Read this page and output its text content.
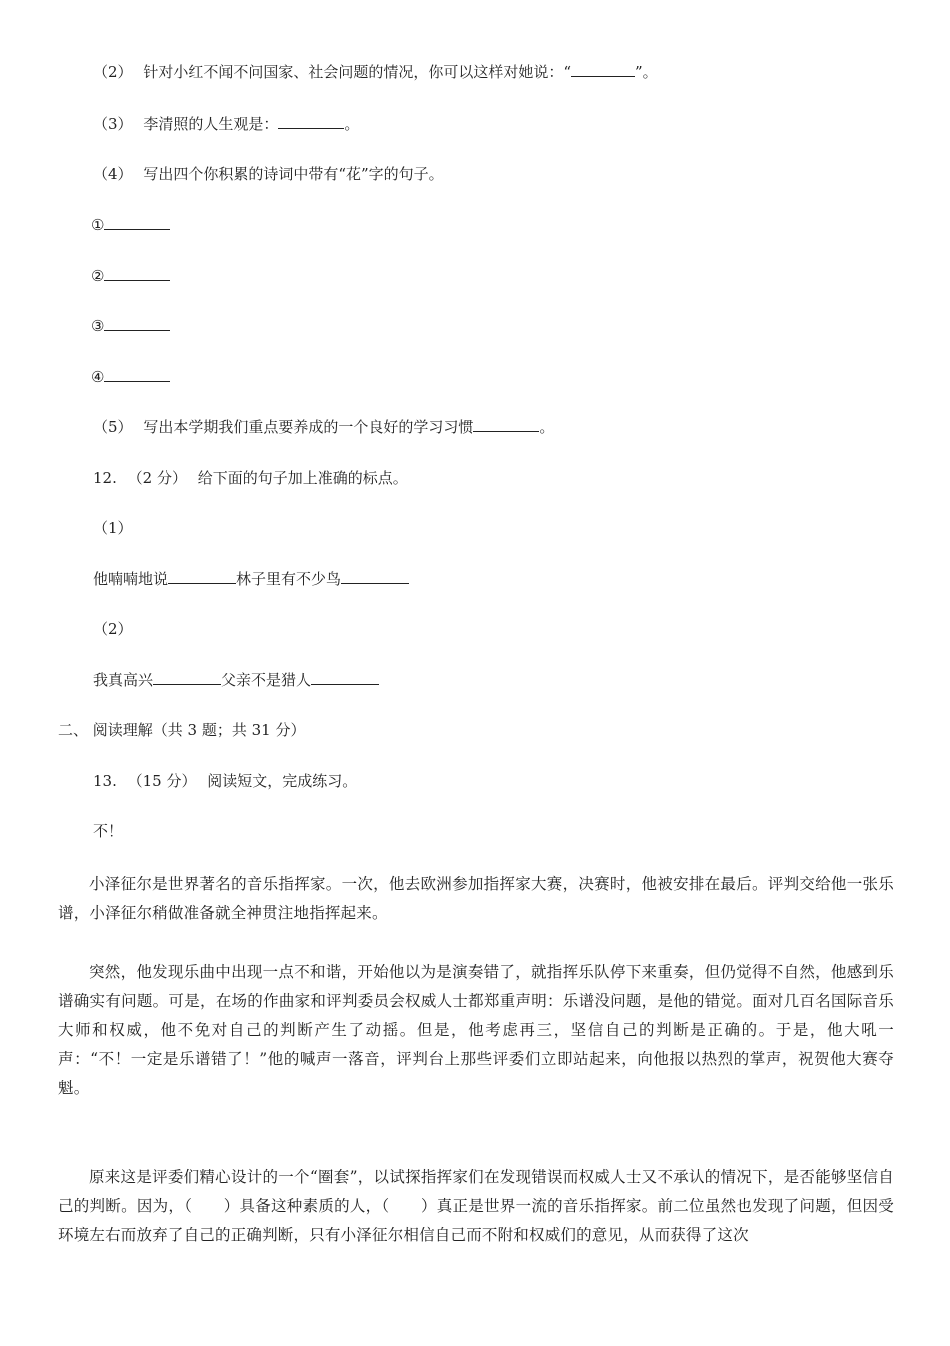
（2） 针对小红不闻不问国家、社会问题的情况，你可以这样对她说：“	”。
（3） 李清照的人生观是：	。
（4） 写出四个你积累的诗词中带有“花”字的句子。
①
②
③
④
（5） 写出本学期我们重点要养成的一个良好的学习习惯	。
12. （2 分） 给下面的句子加上准确的标点。
（1）
他喃喃地说	林子里有不少鸟
（2）
我真高兴	父亲不是猎人
二、 阅读理解（共 3 题；共 31 分）
13. （15 分） 阅读短文，完成练习。
不！
小泽征尔是世界著名的音乐指挥家。一次，他去欧洲参加指挥家大赛，决赛时，他被安排在最后。评判交给他一张乐谱，小泽征尔稍做准备就全神贯注地指挥起来。
突然，他发现乐曲中出现一点不和谐，开始他以为是演奏错了，就指挥乐队停下来重奏，但仍觉得不自然，他感到乐谱确实有问题。可是，在场的作曲家和评判委员会权威人士都郑重声明：乐谱没问题，是他的错觉。面对几百名国际音乐大师和权威，他不免对自己的判断产生了动摇。但是，他考虑再三，坚信自己的判断是正确的。于是，他大吼一声：“不！一定是乐谱错了！”他的喊声一落音，评判台上那些评委们立即站起来，向他报以热烈的掌声，祝贺他大赛夺魁。
原来这是评委们精心设计的一个“圈套”，以试探指挥家们在发现错误而权威人士又不承认的情况下，是否能够坚信自己的判断。因为，（　　）具备这种素质的人，（　　）真正是世界一流的音乐指挥家。前二位虽然也发现了问题，但因受环境左右而放弃了自己的正确判断，只有小泽征尔相信自己而不附和权威们的意见，从而获得了这次
